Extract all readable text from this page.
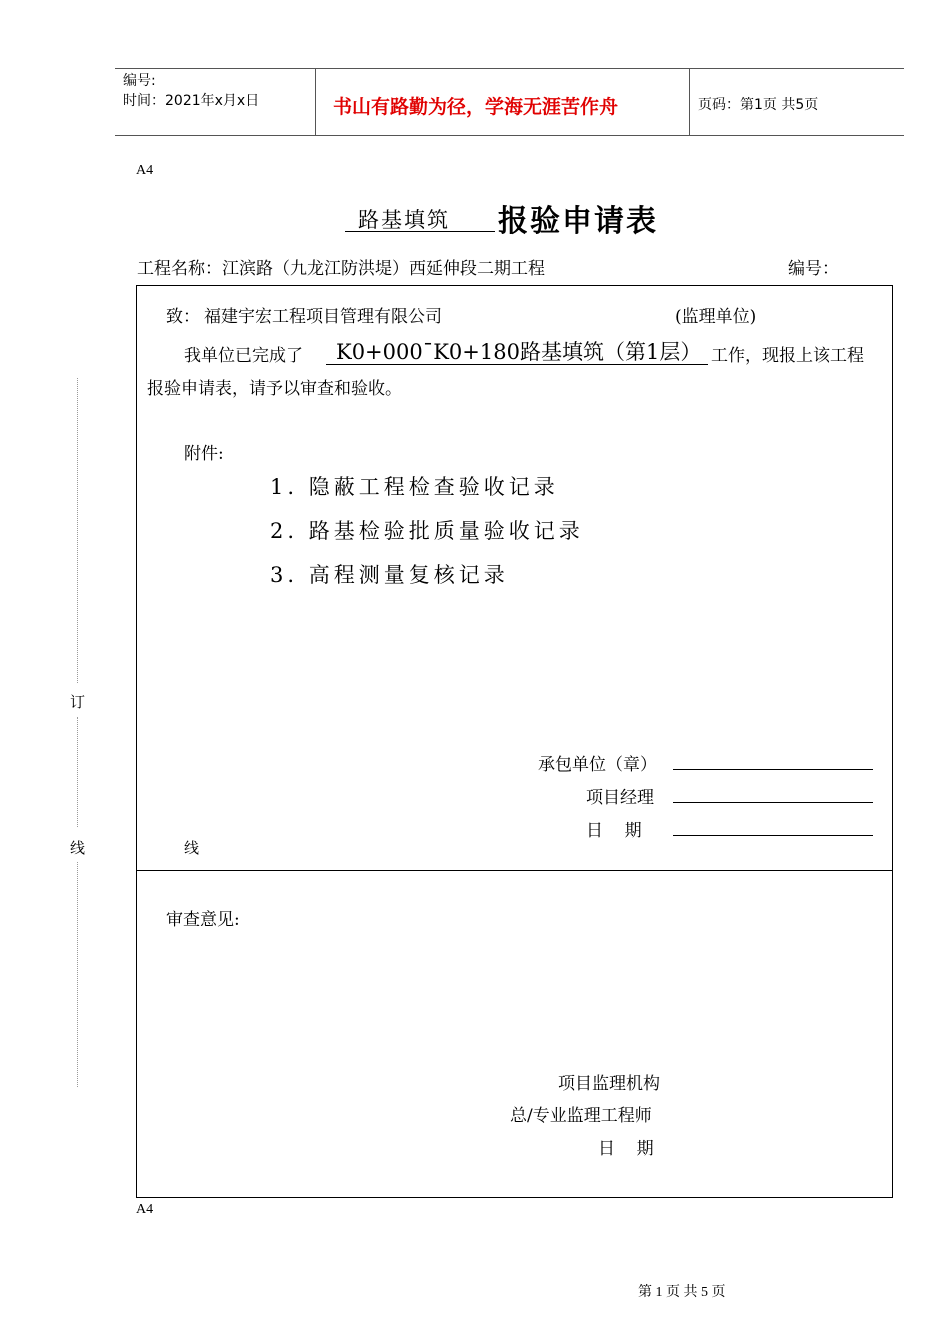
编号:
时间：2021年x月x日	书山有路勤为径，学海无涯苦作舟	页码：第1页 共5页
A4
路基填筑 报验申请表
工程名称：江滨路（九龙江防洪堤）西延伸段二期工程	编号：
致： 福建宇宏工程项目管理有限公司	(监理单位)
我单位已完成了 K0+000¯K0+180路基填筑（第1层） 工作，现报上该工程
报验申请表，请予以审查和验收。
附件:
1. 隐蔽工程检查验收记录
2. 路基检验批质量验收记录
3. 高程测量复核记录
承包单位（章）
项目经理
日    期
线
审查意见:
项目监理机构
总/专业监理工程师
日    期
A4
订
线
第 1 页 共 5 页
